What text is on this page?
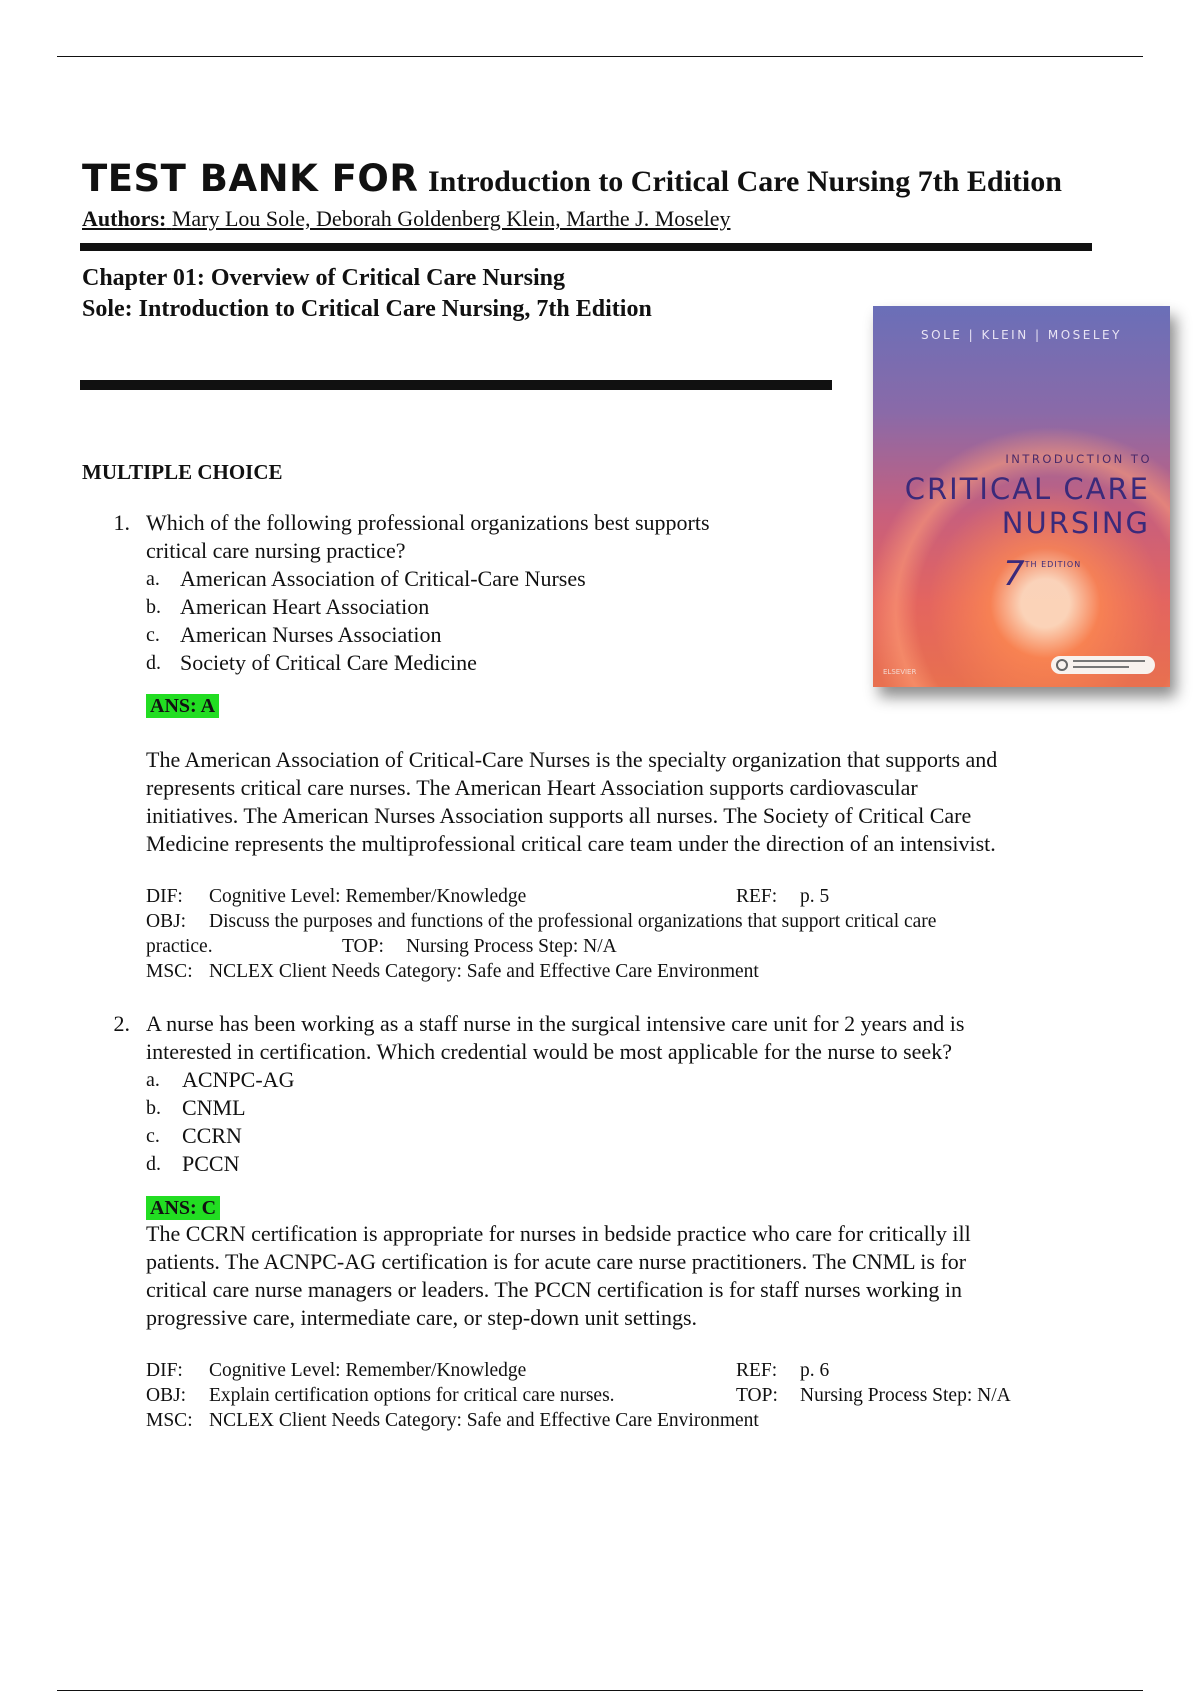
TEST BANK FOR Introduction to Critical Care Nursing 7th Edition
Authors: Mary Lou Sole, Deborah Goldenberg Klein, Marthe J. Moseley
Chapter 01: Overview of Critical Care Nursing
Sole: Introduction to Critical Care Nursing, 7th Edition
SOLE | KLEIN | MOSELEY
INTRODUCTION TO
CRITICAL CARE
NURSING
$7^{TH EDITION}$
ELSEVIER
MULTIPLE CHOICE
1. Which of the following professional organizations best supports
critical care nursing practice?
a. American Association of Critical-Care Nurses
b. American Heart Association
c. American Nurses Association
d. Society of Critical Care Medicine
ANS: A
The American Association of Critical-Care Nurses is the specialty organization that supports and
represents critical care nurses. The American Heart Association supports cardiovascular
initiatives. The American Nurses Association supports all nurses. The Society of Critical Care
Medicine represents the multiprofessional critical care team under the direction of an intensivist.
DIF: Cognitive Level: Remember/Knowledge	REF: p. 5
OBJ: Discuss the purposes and functions of the professional organizations that support critical care
practice.	TOP: Nursing Process Step: N/A
MSC: NCLEX Client Needs Category: Safe and Effective Care Environment
2. A nurse has been working as a staff nurse in the surgical intensive care unit for 2 years and is
interested in certification. Which credential would be most applicable for the nurse to seek?
a. ACNPC-AG
b. CNML
c. CCRN
d. PCCN
ANS: C
The CCRN certification is appropriate for nurses in bedside practice who care for critically ill
patients. The ACNPC-AG certification is for acute care nurse practitioners. The CNML is for
critical care nurse managers or leaders. The PCCN certification is for staff nurses working in
progressive care, intermediate care, or step-down unit settings.
DIF: Cognitive Level: Remember/Knowledge	REF: p. 6
OBJ: Explain certification options for critical care nurses.	TOP: Nursing Process Step: N/A
MSC: NCLEX Client Needs Category: Safe and Effective Care Environment
